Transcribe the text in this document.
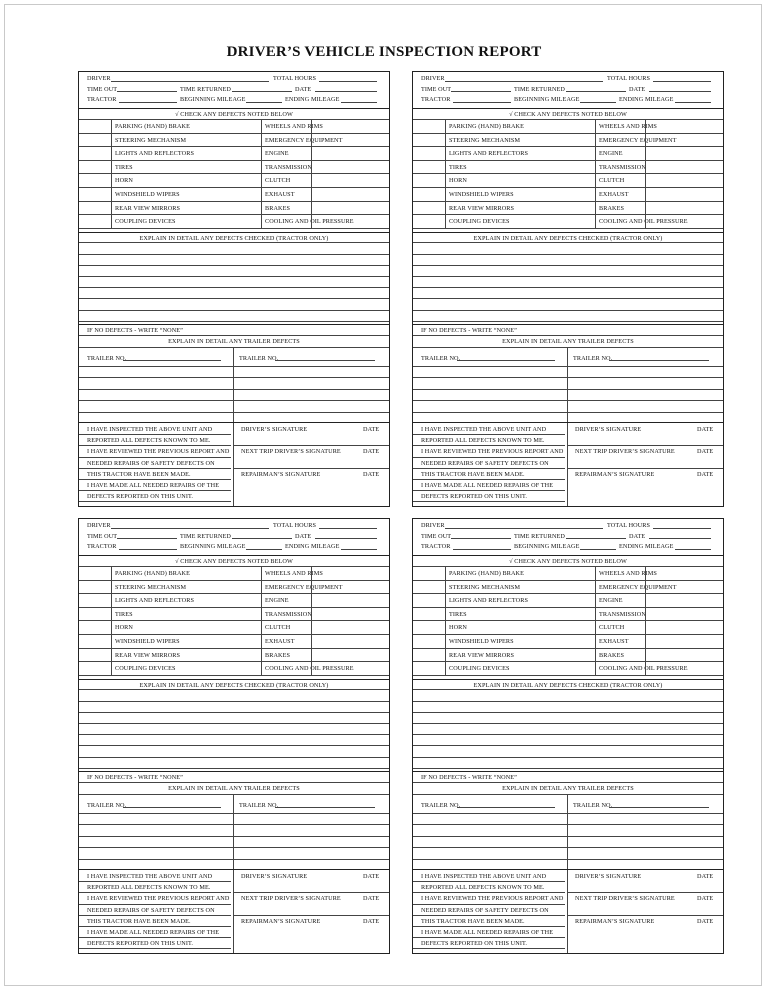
DRIVER’S VEHICLE INSPECTION REPORT
DRIVER	TOTAL HOURS
TIME OUT	TIME RETURNED	DATE
TRACTOR	BEGINNING MILEAGE	ENDING MILEAGE
√ CHECK ANY DEFECTS NOTED BELOW
PARKING (HAND) BRAKE	WHEELS AND RIMS
STEERING MECHANISM	EMERGENCY EQUIPMENT
LIGHTS AND REFLECTORS	ENGINE
TIRES	TRANSMISSION
HORN	CLUTCH
WINDSHIELD WIPERS	EXHAUST
REAR VIEW MIRRORS	BRAKES
COUPLING DEVICES	COOLING AND OIL PRESSURE
EXPLAIN IN DETAIL ANY DEFECTS CHECKED (TRACTOR ONLY)
IF NO DEFECTS - WRITE “NONE”
EXPLAIN IN DETAIL ANY TRAILER DEFECTS
TRAILER NO.	TRAILER NO.
I HAVE INSPECTED THE ABOVE UNIT AND
REPORTED ALL DEFECTS KNOWN TO ME.
I HAVE REVIEWED THE PREVIOUS REPORT AND
NEEDED REPAIRS OF SAFETY DEFECTS ON
THIS TRACTOR HAVE BEEN MADE.
I HAVE MADE ALL NEEDED REPAIRS OF THE
DEFECTS REPORTED ON THIS UNIT.
DRIVER’S SIGNATURE	DATE
NEXT TRIP DRIVER’S SIGNATURE	DATE
REPAIRMAN’S SIGNATURE	DATE
DRIVER	TOTAL HOURS
TIME OUT	TIME RETURNED	DATE
TRACTOR	BEGINNING MILEAGE	ENDING MILEAGE
√ CHECK ANY DEFECTS NOTED BELOW
PARKING (HAND) BRAKE	WHEELS AND RIMS
STEERING MECHANISM	EMERGENCY EQUIPMENT
LIGHTS AND REFLECTORS	ENGINE
TIRES	TRANSMISSION
HORN	CLUTCH
WINDSHIELD WIPERS	EXHAUST
REAR VIEW MIRRORS	BRAKES
COUPLING DEVICES	COOLING AND OIL PRESSURE
EXPLAIN IN DETAIL ANY DEFECTS CHECKED (TRACTOR ONLY)
IF NO DEFECTS - WRITE “NONE”
EXPLAIN IN DETAIL ANY TRAILER DEFECTS
TRAILER NO.	TRAILER NO.
I HAVE INSPECTED THE ABOVE UNIT AND
REPORTED ALL DEFECTS KNOWN TO ME.
I HAVE REVIEWED THE PREVIOUS REPORT AND
NEEDED REPAIRS OF SAFETY DEFECTS ON
THIS TRACTOR HAVE BEEN MADE.
I HAVE MADE ALL NEEDED REPAIRS OF THE
DEFECTS REPORTED ON THIS UNIT.
DRIVER’S SIGNATURE	DATE
NEXT TRIP DRIVER’S SIGNATURE	DATE
REPAIRMAN’S SIGNATURE	DATE
DRIVER	TOTAL HOURS
TIME OUT	TIME RETURNED	DATE
TRACTOR	BEGINNING MILEAGE	ENDING MILEAGE
√ CHECK ANY DEFECTS NOTED BELOW
PARKING (HAND) BRAKE	WHEELS AND RIMS
STEERING MECHANISM	EMERGENCY EQUIPMENT
LIGHTS AND REFLECTORS	ENGINE
TIRES	TRANSMISSION
HORN	CLUTCH
WINDSHIELD WIPERS	EXHAUST
REAR VIEW MIRRORS	BRAKES
COUPLING DEVICES	COOLING AND OIL PRESSURE
EXPLAIN IN DETAIL ANY DEFECTS CHECKED (TRACTOR ONLY)
IF NO DEFECTS - WRITE “NONE”
EXPLAIN IN DETAIL ANY TRAILER DEFECTS
TRAILER NO.	TRAILER NO.
I HAVE INSPECTED THE ABOVE UNIT AND
REPORTED ALL DEFECTS KNOWN TO ME.
I HAVE REVIEWED THE PREVIOUS REPORT AND
NEEDED REPAIRS OF SAFETY DEFECTS ON
THIS TRACTOR HAVE BEEN MADE.
I HAVE MADE ALL NEEDED REPAIRS OF THE
DEFECTS REPORTED ON THIS UNIT.
DRIVER’S SIGNATURE	DATE
NEXT TRIP DRIVER’S SIGNATURE	DATE
REPAIRMAN’S SIGNATURE	DATE
DRIVER	TOTAL HOURS
TIME OUT	TIME RETURNED	DATE
TRACTOR	BEGINNING MILEAGE	ENDING MILEAGE
√ CHECK ANY DEFECTS NOTED BELOW
PARKING (HAND) BRAKE	WHEELS AND RIMS
STEERING MECHANISM	EMERGENCY EQUIPMENT
LIGHTS AND REFLECTORS	ENGINE
TIRES	TRANSMISSION
HORN	CLUTCH
WINDSHIELD WIPERS	EXHAUST
REAR VIEW MIRRORS	BRAKES
COUPLING DEVICES	COOLING AND OIL PRESSURE
EXPLAIN IN DETAIL ANY DEFECTS CHECKED (TRACTOR ONLY)
IF NO DEFECTS - WRITE “NONE”
EXPLAIN IN DETAIL ANY TRAILER DEFECTS
TRAILER NO.	TRAILER NO.
I HAVE INSPECTED THE ABOVE UNIT AND
REPORTED ALL DEFECTS KNOWN TO ME.
I HAVE REVIEWED THE PREVIOUS REPORT AND
NEEDED REPAIRS OF SAFETY DEFECTS ON
THIS TRACTOR HAVE BEEN MADE.
I HAVE MADE ALL NEEDED REPAIRS OF THE
DEFECTS REPORTED ON THIS UNIT.
DRIVER’S SIGNATURE	DATE
NEXT TRIP DRIVER’S SIGNATURE	DATE
REPAIRMAN’S SIGNATURE	DATE
